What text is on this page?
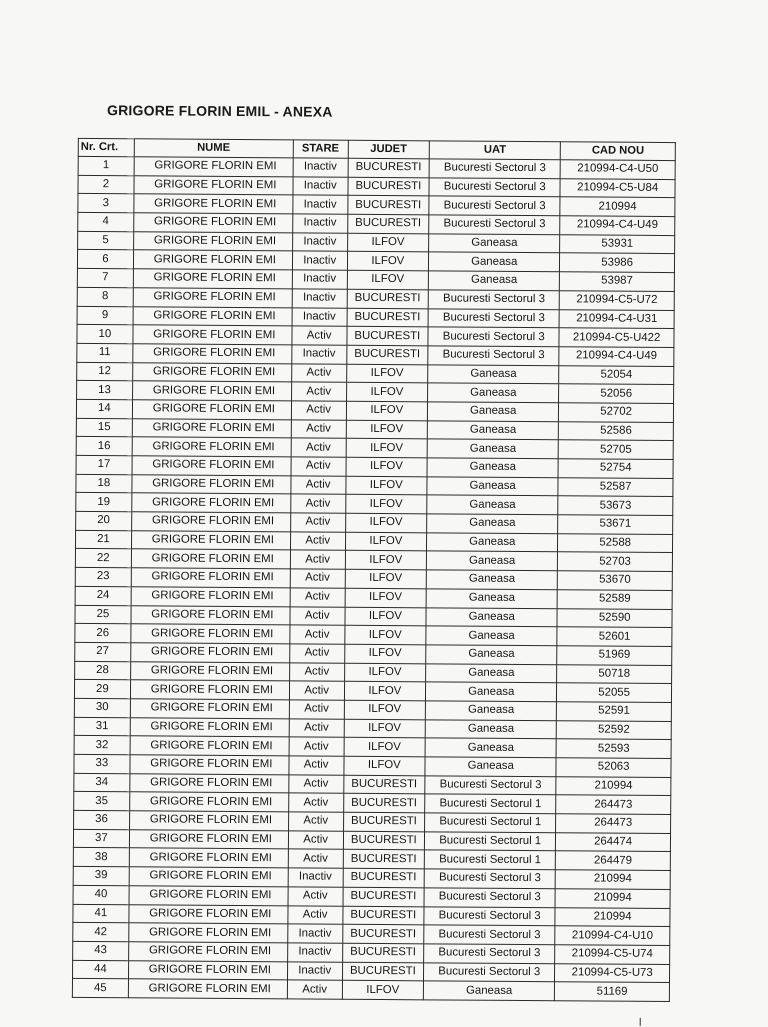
GRIGORE FLORIN EMIL - ANEXA
Nr. Crt.	NUME	STARE	JUDET	UAT	CAD NOU
1	GRIGORE FLORIN EMI	Inactiv	BUCURESTI	Bucuresti Sectorul 3	210994-C4-U50
2	GRIGORE FLORIN EMI	Inactiv	BUCURESTI	Bucuresti Sectorul 3	210994-C5-U84
3	GRIGORE FLORIN EMI	Inactiv	BUCURESTI	Bucuresti Sectorul 3	210994
4	GRIGORE FLORIN EMI	Inactiv	BUCURESTI	Bucuresti Sectorul 3	210994-C4-U49
5	GRIGORE FLORIN EMI	Inactiv	ILFOV	Ganeasa	53931
6	GRIGORE FLORIN EMI	Inactiv	ILFOV	Ganeasa	53986
7	GRIGORE FLORIN EMI	Inactiv	ILFOV	Ganeasa	53987
8	GRIGORE FLORIN EMI	Inactiv	BUCURESTI	Bucuresti Sectorul 3	210994-C5-U72
9	GRIGORE FLORIN EMI	Inactiv	BUCURESTI	Bucuresti Sectorul 3	210994-C4-U31
10	GRIGORE FLORIN EMI	Activ	BUCURESTI	Bucuresti Sectorul 3	210994-C5-U422
11	GRIGORE FLORIN EMI	Inactiv	BUCURESTI	Bucuresti Sectorul 3	210994-C4-U49
12	GRIGORE FLORIN EMI	Activ	ILFOV	Ganeasa	52054
13	GRIGORE FLORIN EMI	Activ	ILFOV	Ganeasa	52056
14	GRIGORE FLORIN EMI	Activ	ILFOV	Ganeasa	52702
15	GRIGORE FLORIN EMI	Activ	ILFOV	Ganeasa	52586
16	GRIGORE FLORIN EMI	Activ	ILFOV	Ganeasa	52705
17	GRIGORE FLORIN EMI	Activ	ILFOV	Ganeasa	52754
18	GRIGORE FLORIN EMI	Activ	ILFOV	Ganeasa	52587
19	GRIGORE FLORIN EMI	Activ	ILFOV	Ganeasa	53673
20	GRIGORE FLORIN EMI	Activ	ILFOV	Ganeasa	53671
21	GRIGORE FLORIN EMI	Activ	ILFOV	Ganeasa	52588
22	GRIGORE FLORIN EMI	Activ	ILFOV	Ganeasa	52703
23	GRIGORE FLORIN EMI	Activ	ILFOV	Ganeasa	53670
24	GRIGORE FLORIN EMI	Activ	ILFOV	Ganeasa	52589
25	GRIGORE FLORIN EMI	Activ	ILFOV	Ganeasa	52590
26	GRIGORE FLORIN EMI	Activ	ILFOV	Ganeasa	52601
27	GRIGORE FLORIN EMI	Activ	ILFOV	Ganeasa	51969
28	GRIGORE FLORIN EMI	Activ	ILFOV	Ganeasa	50718
29	GRIGORE FLORIN EMI	Activ	ILFOV	Ganeasa	52055
30	GRIGORE FLORIN EMI	Activ	ILFOV	Ganeasa	52591
31	GRIGORE FLORIN EMI	Activ	ILFOV	Ganeasa	52592
32	GRIGORE FLORIN EMI	Activ	ILFOV	Ganeasa	52593
33	GRIGORE FLORIN EMI	Activ	ILFOV	Ganeasa	52063
34	GRIGORE FLORIN EMI	Activ	BUCURESTI	Bucuresti Sectorul 3	210994
35	GRIGORE FLORIN EMI	Activ	BUCURESTI	Bucuresti Sectorul 1	264473
36	GRIGORE FLORIN EMI	Activ	BUCURESTI	Bucuresti Sectorul 1	264473
37	GRIGORE FLORIN EMI	Activ	BUCURESTI	Bucuresti Sectorul 1	264474
38	GRIGORE FLORIN EMI	Activ	BUCURESTI	Bucuresti Sectorul 1	264479
39	GRIGORE FLORIN EMI	Inactiv	BUCURESTI	Bucuresti Sectorul 3	210994
40	GRIGORE FLORIN EMI	Activ	BUCURESTI	Bucuresti Sectorul 3	210994
41	GRIGORE FLORIN EMI	Activ	BUCURESTI	Bucuresti Sectorul 3	210994
42	GRIGORE FLORIN EMI	Inactiv	BUCURESTI	Bucuresti Sectorul 3	210994-C4-U10
43	GRIGORE FLORIN EMI	Inactiv	BUCURESTI	Bucuresti Sectorul 3	210994-C5-U74
44	GRIGORE FLORIN EMI	Inactiv	BUCURESTI	Bucuresti Sectorul 3	210994-C5-U73
45	GRIGORE FLORIN EMI	Activ	ILFOV	Ganeasa	51169
